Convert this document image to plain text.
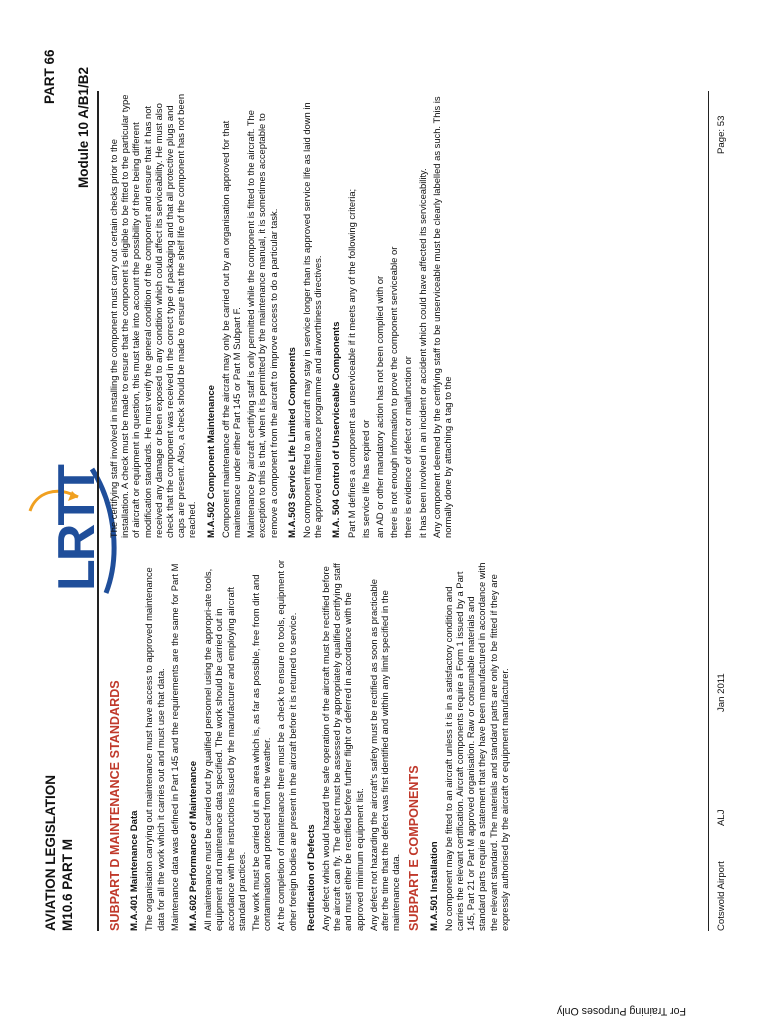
AVIATION LEGISLATION M10.6 PART M
LRTT
PART 66 Module 10 A/B1/B2
SUBPART D MAINTENANCE STANDARDS M.A.401 Maintenance Data The organisation carrying out maintenance must have access to approved maintenance data for all the work which it carries out and must use that data. Maintenance data was defined in Part 145 and the requirements are the same for Part M M.A.602 Performance of Maintenance All maintenance must be carried out by qualified personnel using the appropri-ate tools, equipment and maintenance data specified. The work should be carried out in accordance with the instructions issued by the manufacturer and employing aircraft standard practices. The work must be carried out in an area which is, as far as possible, free from dirt and contamination and protected from the weather. At the completion of maintenance there must be a check to ensure no tools, equipment or other foreign bodies are present in the aircraft before it is returned to service. Rectification of Defects Any defect which would hazard the safe operation of the aircraft must be rectified before the aircraft can fly. The defect must be assessed by appropriately qualified certifying staff and must either be rectified before further flight or deferred in accordance with the approved minimum equipment list. Any defect not hazarding the aircraft's safety must be rectified as soon as practicable after the time that the defect was first identified and within any limit specified in the maintenance data. SUBPART E COMPONENTS M.A.501 Installation No component may be fitted to an aircraft unless it is in a satisfactory condition and carries the relevant certification. Aircraft components require a Form 1 issued by a Part 145, Part 21 or Part M approved organisation. Raw or consumable materials and standard parts require a statement that they have been manufactured in accordance with the relevant standard. The materials and standard parts are only to be fitted if they are expressly authorised by the aircraft or equipment manufacturer.

The certifying staff involved in installing the component must carry out certain checks prior to the installation. A check must be made to ensure that the component is eligible to be fitted to the particular type of aircraft or equipment in question, this must take into account the possibility of there being different modification standards. He must verify the general condition of the component and ensure that it has not received any damage or been exposed to any condition which could affect its serviceability. He must also check that the component was received in the correct type of packaging and that all protective plugs and caps are present. Also, a check should be made to ensure that the shelf life of the component has not been reached. M.A.502 Component Maintenance Component maintenance off the aircraft may only be carried out by an organisation approved for that maintenance under either Part 145 or Part M Subpart F. Maintenance by aircraft certifying staff is only permitted while the component is fitted to the aircraft. The exception to this is that, when it is permitted by the maintenance manual, it is sometimes acceptable to remove a component from the aircraft to improve access to do a particular task. M.A.503 Service Life Limited Components No component fitted to an aircraft may stay in service longer than its approved service life as laid down in the approved maintenance programme and airworthiness directives. M.A. 504 Control of Unserviceable Components Part M defines a component as unserviceable if it meets any of the following criteria; its service life has expired or an AD or other mandatory action has not been complied with or there is not enough information to prove the component serviceable or there is evidence of defect or malfunction or it has been involved in an incident or accident which could have affected its serviceability. Any component deemed by the certifying staff to be unserviceable must be clearly labelled as such. This is normally done by attaching a tag to the

Cotswold Airport
ALJ
Jan 2011
Page: 53
For Training Purposes Only
